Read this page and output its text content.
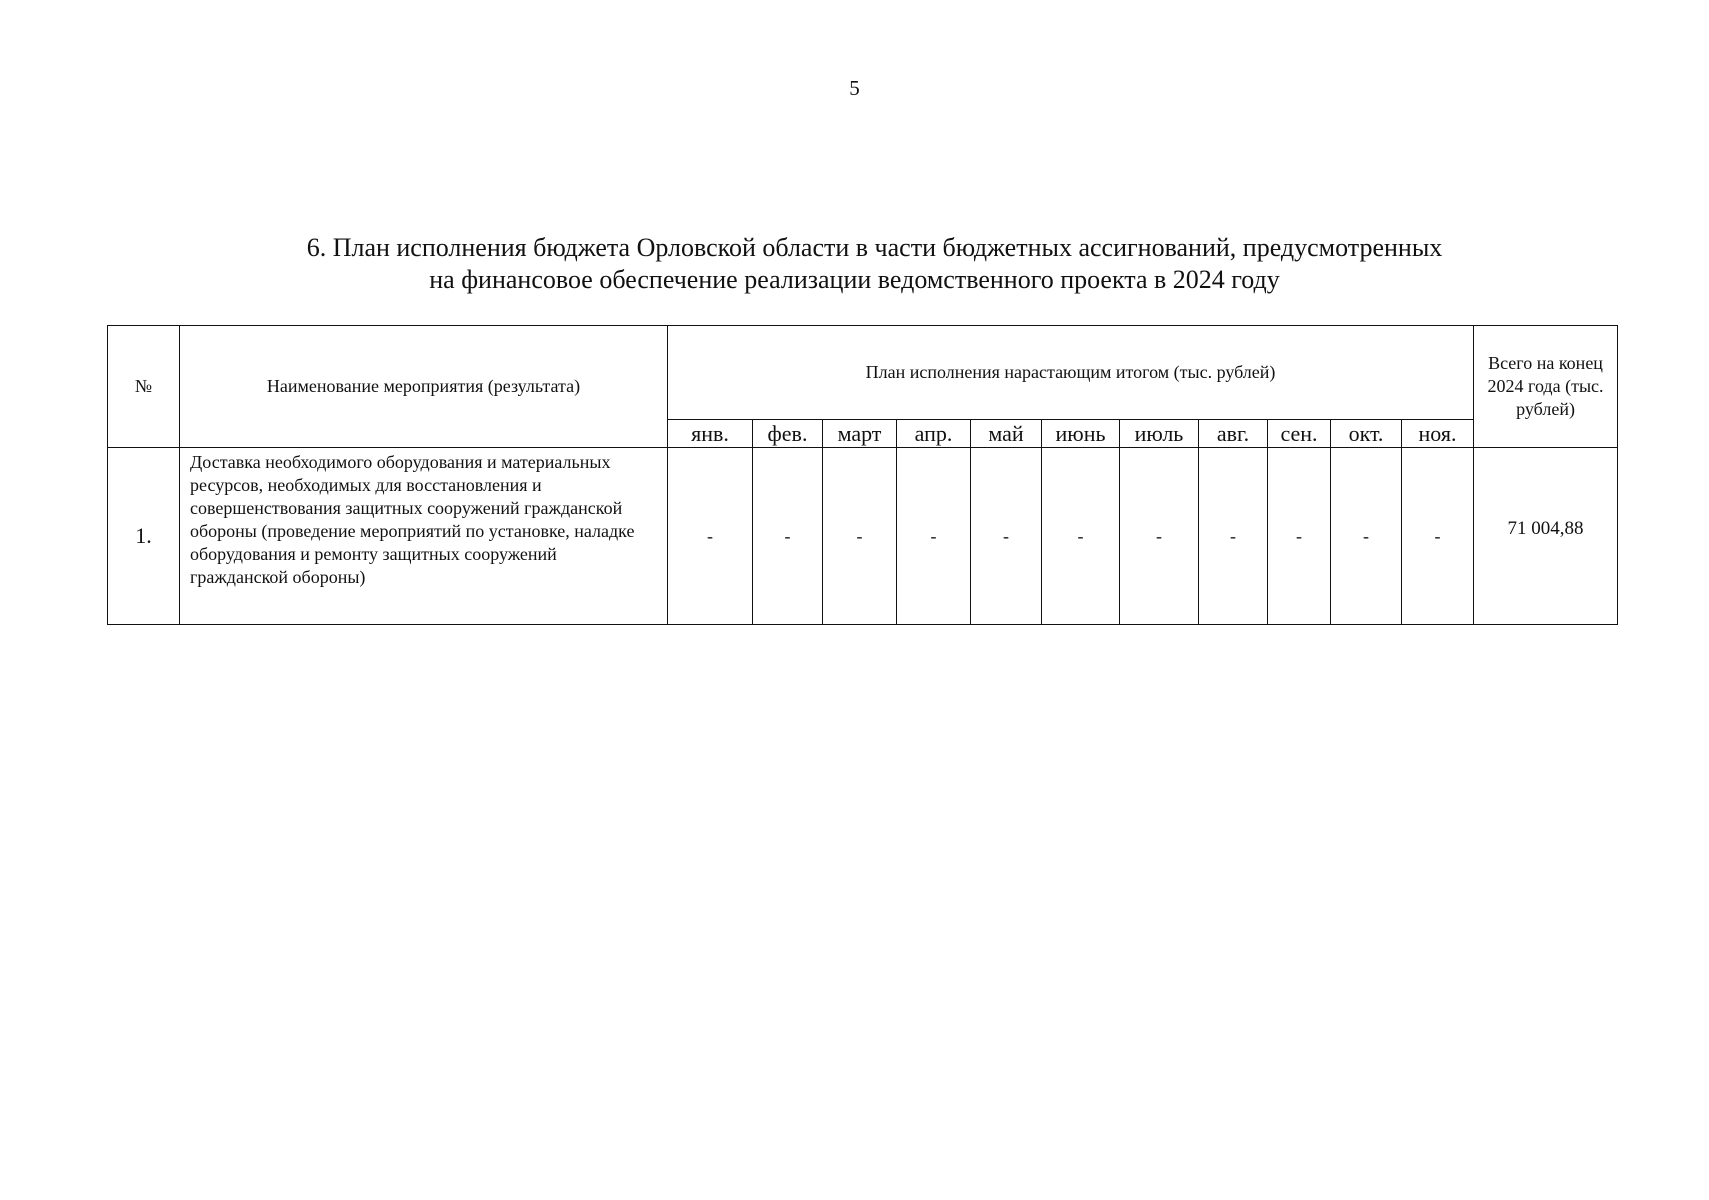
5
6. План исполнения бюджета Орловской области в части бюджетных ассигнований, предусмотренных
на финансовое обеспечение реализации ведомственного проекта в 2024 году
№	Наименование мероприятия (результата)	План исполнения нарастающим итогом (тыс. рублей)											Всего на конец 2024 года (тыс. рублей)
		янв.	фев.	март	апр.	май	июнь	июль	авг.	сен.	окт.	ноя.	
1.	Доставка необходимого оборудования и материальных ресурсов, необходимых для восстановления и совершенствования защитных сооружений гражданской обороны (проведение мероприятий по установке, наладке оборудования и ремонту защитных сооружений гражданской обороны)	-	-	-	-	-	-	-	-	-	-	-	71 004,88
